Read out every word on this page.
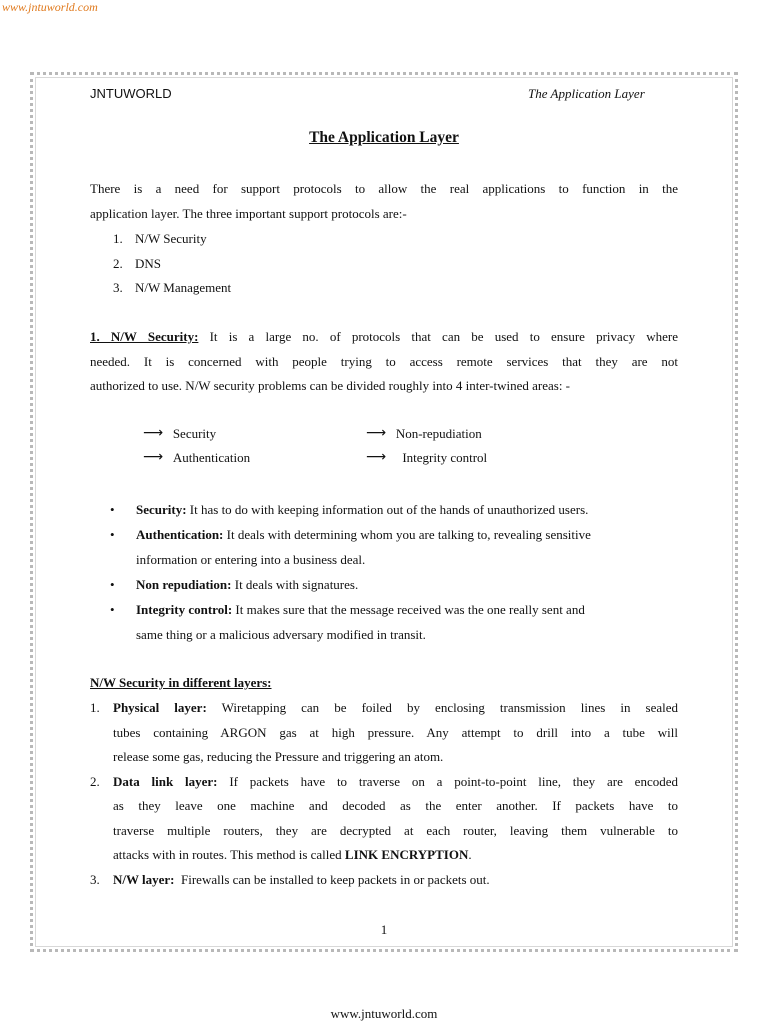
www.jntuworld.com
JNTUWORLD	The Application Layer
The Application Layer
There is a need for support protocols to allow the real applications to function in the
application layer. The three important support protocols are:-
1. N/W Security
2. DNS
3. N/W Management
1. N/W Security: It is a large no. of protocols that can be used to ensure privacy where
needed. It is concerned with people trying to access remote services that they are not
authorized to use. N/W security problems can be divided roughly into 4 inter-twined areas: -
⟶ Security	⟶ Non-repudiation
⟶ Authentication	⟶ Integrity control
• Security: It has to do with keeping information out of the hands of unauthorized users.
• Authentication: It deals with determining whom you are talking to, revealing sensitive
information or entering into a business deal.
• Non repudiation: It deals with signatures.
• Integrity control: It makes sure that the message received was the one really sent and
same thing or a malicious adversary modified in transit.
N/W Security in different layers:
1. Physical layer: Wiretapping can be foiled by enclosing transmission lines in sealed
tubes containing ARGON gas at high pressure. Any attempt to drill into a tube will
release some gas, reducing the Pressure and triggering an atom.
2. Data link layer: If packets have to traverse on a point-to-point line, they are encoded
as they leave one machine and decoded as the enter another. If packets have to
traverse multiple routers, they are decrypted at each router, leaving them vulnerable to
attacks with in routes. This method is called LINK ENCRYPTION.
3. N/W layer: Firewalls can be installed to keep packets in or packets out.
1
www.jntuworld.com
